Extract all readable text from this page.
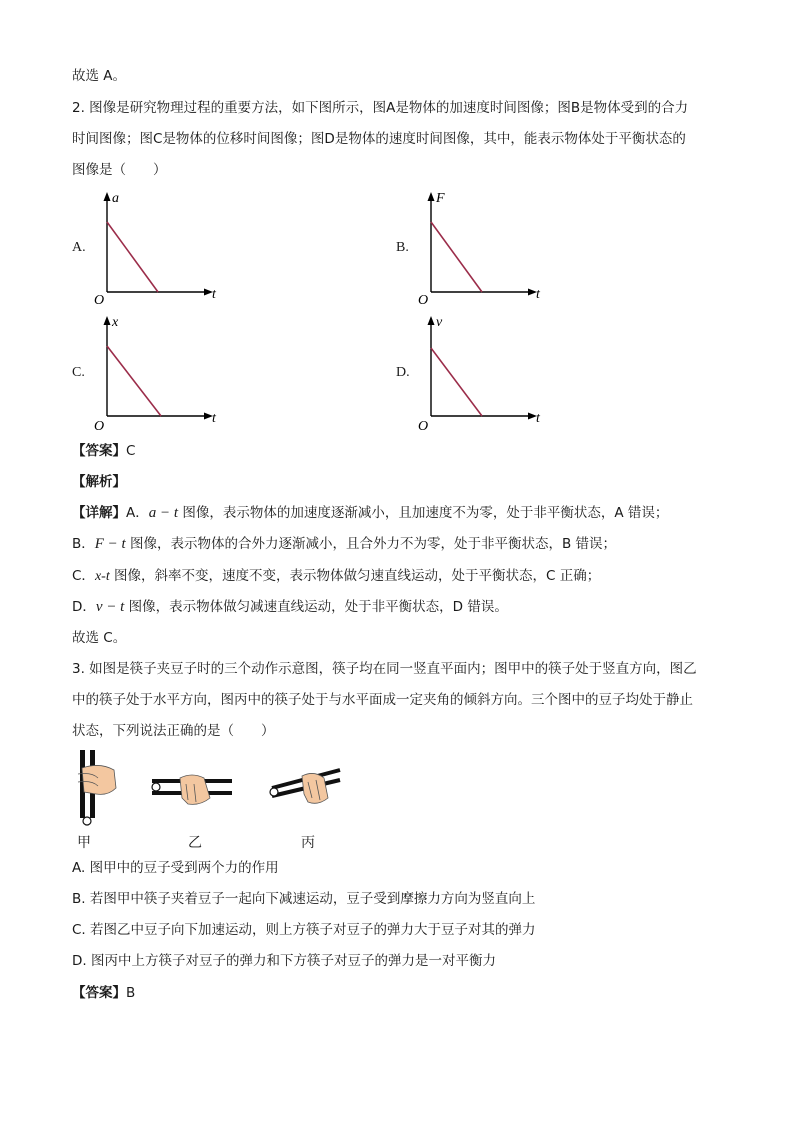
故选 A。
2. 图像是研究物理过程的重要方法，如下图所示，图A是物体的加速度时间图像；图B是物体受到的合力
时间图像；图C是物体的位移时间图像；图D是物体的速度时间图像，其中，能表示物体处于平衡状态的
图像是（　　）
A.	B.
C.	D.
a
t
O
F
t
O
x
t
O
v
t
O
【答案】C
【解析】
【详解】A．a − t 图像，表示物体的加速度逐渐减小，且加速度不为零，处于非平衡状态，A 错误；
B．F − t 图像，表示物体的合外力逐渐减小，且合外力不为零，处于非平衡状态，B 错误；
C．x-t 图像，斜率不变，速度不变，表示物体做匀速直线运动，处于平衡状态，C 正确；
D．v − t 图像，表示物体做匀减速直线运动，处于非平衡状态，D 错误。
故选 C。
3. 如图是筷子夹豆子时的三个动作示意图，筷子均在同一竖直平面内；图甲中的筷子处于竖直方向，图乙
中的筷子处于水平方向，图丙中的筷子处于与水平面成一定夹角的倾斜方向。三个图中的豆子均处于静止
状态，下列说法正确的是（　　）
甲	乙	丙
A. 图甲中的豆子受到两个力的作用
B. 若图甲中筷子夹着豆子一起向下减速运动，豆子受到摩擦力方向为竖直向上
C. 若图乙中豆子向下加速运动，则上方筷子对豆子的弹力大于豆子对其的弹力
D. 图丙中上方筷子对豆子的弹力和下方筷子对豆子的弹力是一对平衡力
【答案】B
